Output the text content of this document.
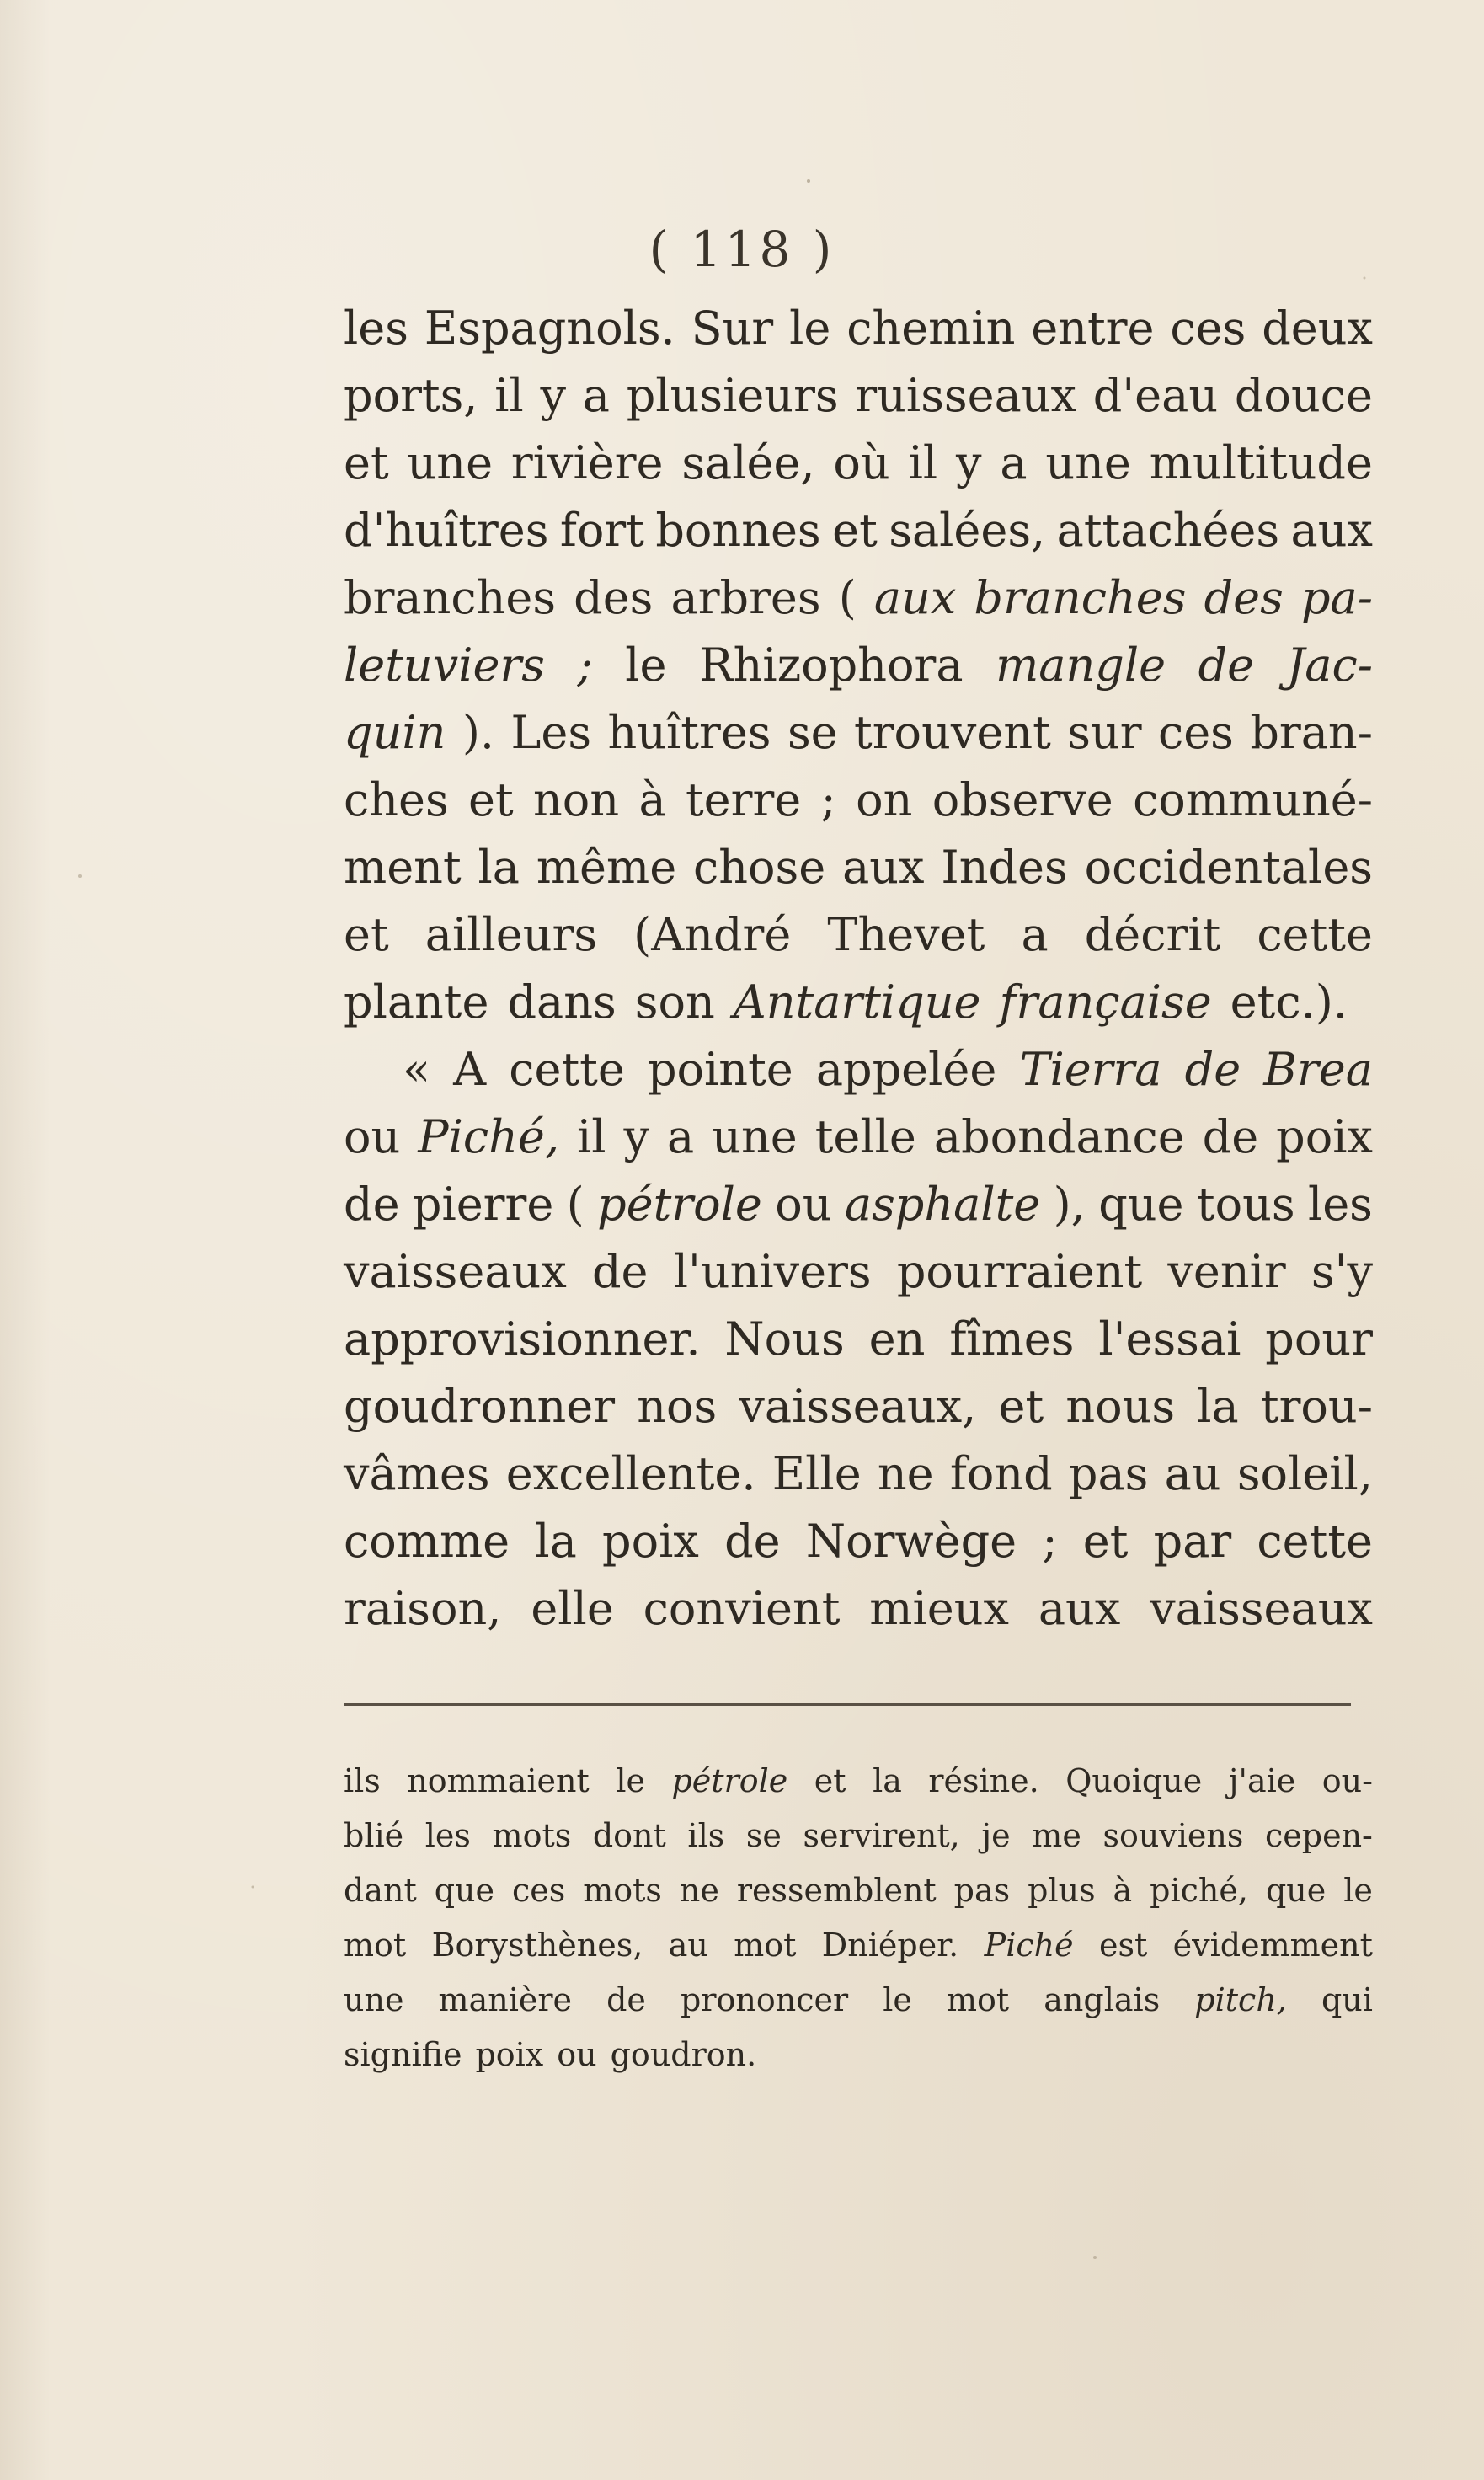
( 118 )
les Espagnols. Sur le chemin entre ces deux
ports, il y a plusieurs ruisseaux d'eau douce
et une rivière salée, où il y a une multitude
d'huîtres fort bonnes et salées, attachées aux
branches des arbres ( aux branches des pa-
letuviers ; le Rhizophora mangle de Jac-
quin ). Les huîtres se trouvent sur ces bran-
ches et non à terre ; on observe communé-
ment la même chose aux Indes occidentales
et ailleurs (André Thevet a décrit cette
plante dans son Antartique française etc.).
« A cette pointe appelée Tierra de Brea
ou Piché, il y a une telle abondance de poix
de pierre ( pétrole ou asphalte ), que tous les
vaisseaux de l'univers pourraient venir s'y
approvisionner. Nous en fîmes l'essai pour
goudronner nos vaisseaux, et nous la trou-
vâmes excellente. Elle ne fond pas au soleil,
comme la poix de Norwège ; et par cette
raison, elle convient mieux aux vaisseaux
ils nommaient le pétrole et la résine. Quoique j'aie ou-
blié les mots dont ils se servirent, je me souviens cepen-
dant que ces mots ne ressemblent pas plus à piché, que le
mot Borysthènes, au mot Dniéper. Piché est évidemment
une manière de prononcer le mot anglais pitch, qui
signifie poix ou goudron.
